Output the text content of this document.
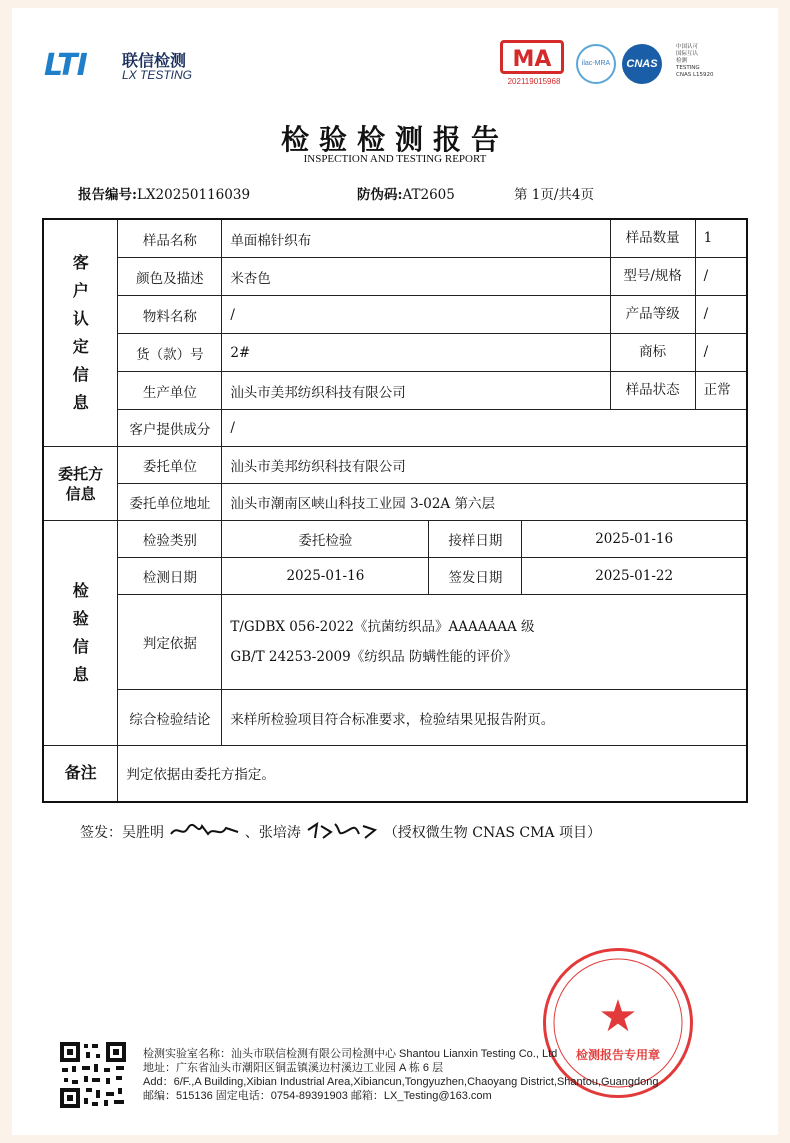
LTI 联信检测
LX TESTING
MA
202119015968
ilac-MRA	CNAS
中国认可
国际互认
检测
TESTING
CNAS L15920
检验检测报告
INSPECTION AND TESTING REPORT
报告编号:LX20250116039	防伪码:AT2605	第 1页/共4页
客户认定信息	样品名称	单面棉针织布			样品数量 1

	颜色及描述	米杏色			型号/规格 /

	物料名称	/			产品等级 /

	货（款）号	2#			商标 /

	生产单位	汕头市美邦纺织科技有限公司			样品状态 正常

	客户提供成分	/			

委托方
信息	委托单位	汕头市美邦纺织科技有限公司			
	委托单位地址	汕头市潮南区峡山科技工业园 3-02A 第六层			

检验信息	检验类别	委托检验	接样日期	2025-01-16	
	检测日期	2025-01-16	签发日期	2025-01-22	
	判定依据	T/GDBX 056-2022《抗菌纺织品》AAAAAAA 级
GB/T 24253-2009《纺织品 防螨性能的评价》			

	综合检验结论	来样所检验项目符合标准要求，检验结果见报告附页。			
备注	判定依据由委托方指定。				
签发：吴胜明	、张培涛	（授权微生物 CNAS CMA 项目）
★
检测报告专用章
检测实验室名称：汕头市联信检测有限公司检测中心 Shantou Lianxin Testing Co., Ltd
地址：广东省汕头市潮阳区铜盂镇溪边村溪边工业园 A 栋 6 层
Add：6/F.,A Building,Xibian Industrial Area,Xibiancun,Tongyuzhen,Chaoyang District,Shantou,Guangdong
邮编：515136 固定电话：0754-89391903 邮箱：LX_Testing@163.com
